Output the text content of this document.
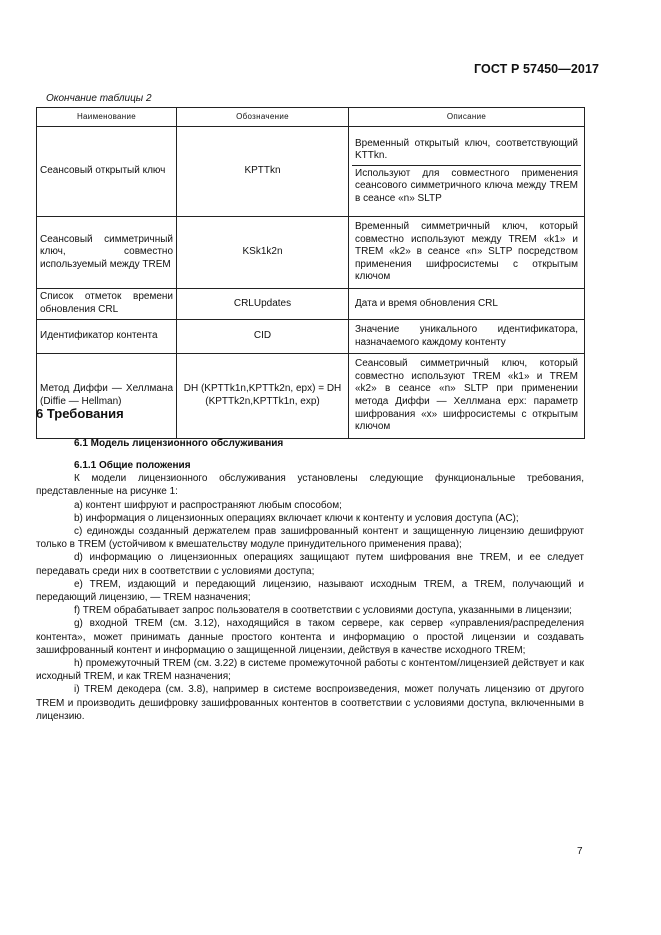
ГОСТ Р 57450—2017
Окончание таблицы 2
Наименование	Обозначение	Описание
Сеансовый открытый ключ	KPTTkn	Временный открытый ключ, соответствующий KTTkn.
Используют для совместного применения сеансового симметричного ключа между TREM в сеансе «n» SLTP

Сеансовый симметричный ключ, совместно используемый между TREM	KSk1k2n	Временный симметричный ключ, который совместно используют между TREM «k1» и TREM «k2» в сеансе «n» SLTP посредством применения шифросистемы с открытым ключом

Список отметок времени обновления CRL	CRLUpdates	Дата и время обновления CRL

Идентификатор контента	CID	Значение уникального идентификатора, назначаемого каждому контенту

Метод Диффи — Хеллмана (Diffie — Hellman)	DH (KPTTk1n,KPTTk2n, epx) = DH (KPTTk2n,KPTTk1n, exp)	Сеансовый симметричный ключ, который совместно используют TREM «k1» и TREM «k2» в сеансе «n» SLTP при применении метода Диффи — Хеллмана epx: параметр шифрования «x» шифросистемы с открытым ключом
6 Требования
6.1 Модель лицензионного обслуживания
6.1.1 Общие положения

К модели лицензионного обслуживания установлены следующие функциональные требования, представленные на рисунке 1:

a) контент шифруют и распространяют любым способом;

b) информация о лицензионных операциях включает ключи к контенту и условия доступа (AC);

c) единожды созданный держателем прав зашифрованный контент и защищенную лицензию дешифруют только в TREM (устойчивом к вмешательству модуле принудительного применения права);

d) информацию о лицензионных операциях защищают путем шифрования вне TREM, и ее следует передавать среди них в соответствии с условиями доступа;

e) TREM, издающий и передающий лицензию, называют исходным TREM, а TREM, получающий и передающий лицензию, — TREM назначения;

f) TREM обрабатывает запрос пользователя в соответствии с условиями доступа, указанными в лицензии;

g) входной TREM (см. 3.12), находящийся в таком сервере, как сервер «управления/распределения контента», может принимать данные простого контента и информацию о простой лицензии и создавать зашифрованный контент и информацию о защищенной лицензии, действуя в качестве исходного TREM;

h) промежуточный TREM (см. 3.22) в системе промежуточной работы с контентом/лицензией действует и как исходный TREM, и как TREM назначения;

i) TREM декодера (см. 3.8), например в системе воспроизведения, может получать лицензию от другого TREM и производить дешифровку зашифрованных контентов в соответствии с условиями доступа, включенными в лицензию.

7
